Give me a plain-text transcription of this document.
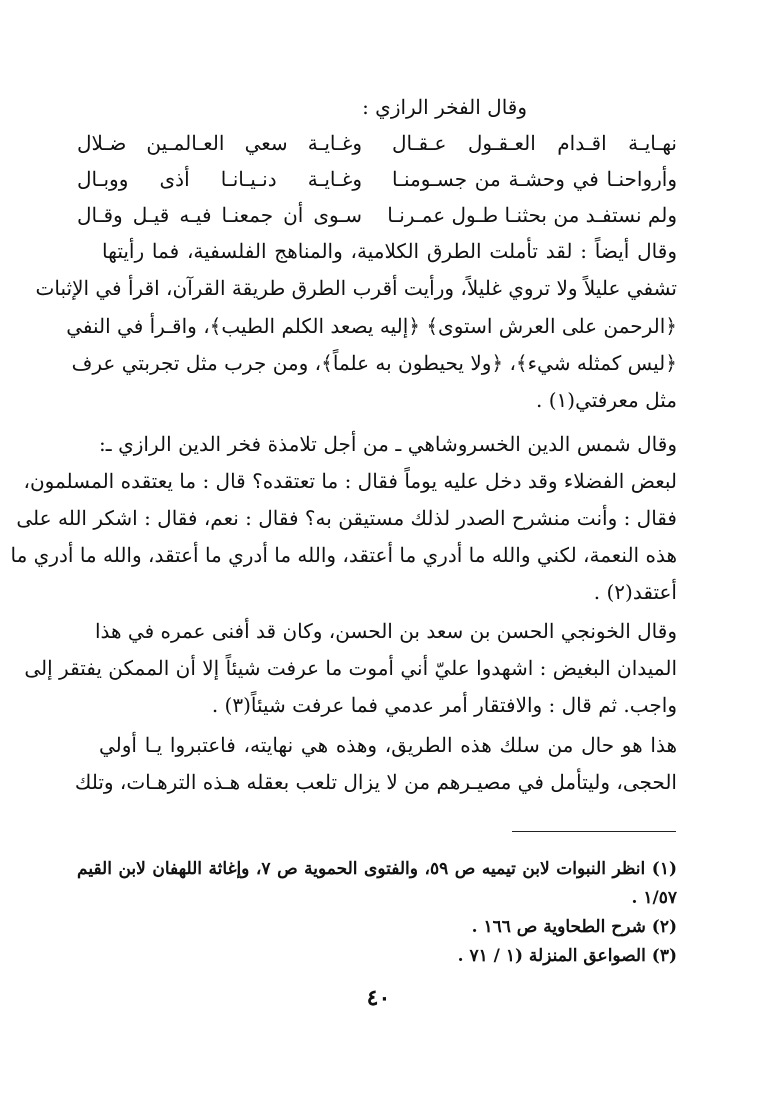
وقال الفخر الرازي :
نهـايـة اقـدام العـقـول عـقـال
وغـايـة سعي العـالمـين ضـلال
وأرواحنـا في وحشـة من جسـومنـا
وغـايـة دنـيـانـا أذى ووبـال
ولم نستفـد من بحثنـا طـول عمـرنـا
سـوى أن جمعنـا فيـه قيـل وقـال
وقال أيضاً : لقد تأملت الطرق الكلامية، والمناهج الفلسفية، فما رأيتها
تشفي عليلاً ولا تروي غليلاً، ورأيت أقرب الطرق طريقة القرآن، اقرأ في الإثبات
﴿الرحمن على العرش استوى﴾ ﴿إليه يصعد الكلم الطيب﴾، واقـرأ في النفي
﴿ليس كمثله شيء﴾، ﴿ولا يحيطون به علماً﴾، ومن جرب مثل تجربتي عرف
مثل معرفتي(١) .
وقال شمس الدين الخسروشاهي ـ من أجل تلامذة فخر الدين الرازي ـ:
لبعض الفضلاء وقد دخل عليه يوماً فقال : ما تعتقده؟ قال : ما يعتقده المسلمون،
فقال : وأنت منشرح الصدر لذلك مستيقن به؟ فقال : نعم، فقال : اشكر الله على
هذه النعمة، لكني والله ما أدري ما أعتقد، والله ما أدري ما أعتقد، والله ما أدري ما
أعتقد(٢) .
وقال الخونجي الحسن بن سعد بن الحسن، وكان قد أفنى عمره في هذا
الميدان البغيض : اشهدوا عليّ أني أموت ما عرفت شيئاً إلا أن الممكن يفتقر إلى
واجب. ثم قال : والافتقار أمر عدمي فما عرفت شيئاً(٣) .
هذا هو حال من سلك هذه الطريق، وهذه هي نهايته، فاعتبروا يـا أولي
الحجى، وليتأمل في مصيـرهم من لا يزال تلعب بعقله هـذه الترهـات، وتلك
(١) انظر النبوات لابن تيميه ص ٥٩، والفتوى الحموية ص ٧، وإغاثة اللهفان لابن القيم
١/٥٧ .
(٢) شرح الطحاوية ص ١٦٦ .
(٣) الصواعق المنزلة (١ / ٧١ .
٤٠
